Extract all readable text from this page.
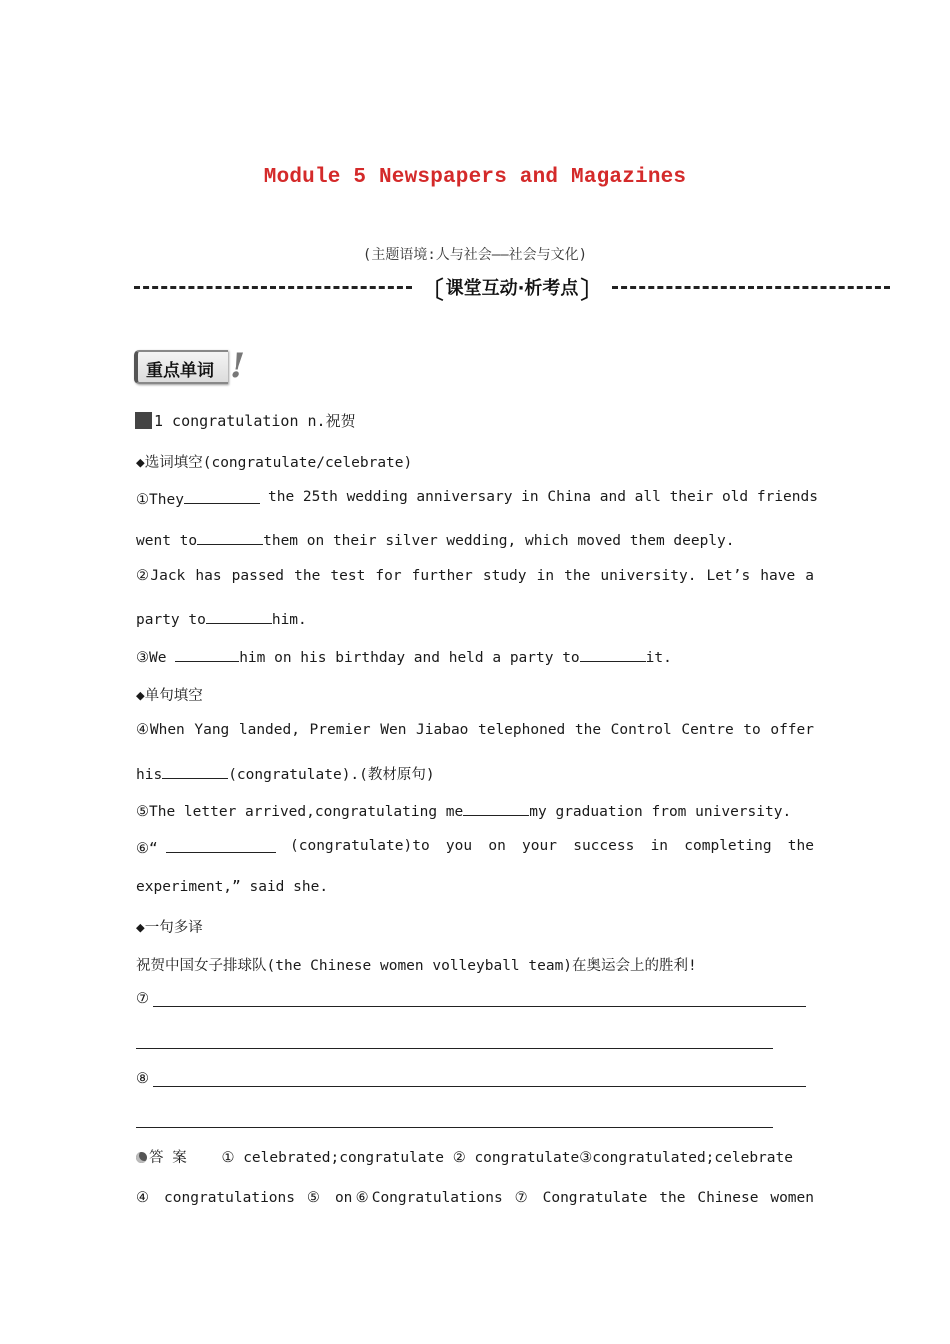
Module 5 Newspapers and Magazines
(主题语境:人与社会——社会与文化)
〔 课堂互动·析考点 〕
重点单词 !
1 congratulation n.祝贺
◆选词填空(congratulate/celebrate)
①They	the 25th wedding anniversary in China and all their old friends
went to	them on their silver wedding, which moved them deeply.
②Jack has passed the test for further study in the university. Let’s have a
party to	him.
③We	him on his birthday and held a party to	it.
◆单句填空
④When Yang landed, Premier Wen Jiabao telephoned the Control Centre to offer
his	(congratulate).(教材原句)
⑤The letter arrived,congratulating me	my graduation from university.
⑥“	(congratulate)to you on your success in completing the
experiment,” said she.
◆一句多译
祝贺中国女子排球队(the Chinese women volleyball team)在奥运会上的胜利!
⑦
⑧
答 案 ① celebrated;congratulate ② congratulate③congratulated;celebrate
④ congratulations ⑤ on⑥Congratulations ⑦ Congratulate the Chinese women
